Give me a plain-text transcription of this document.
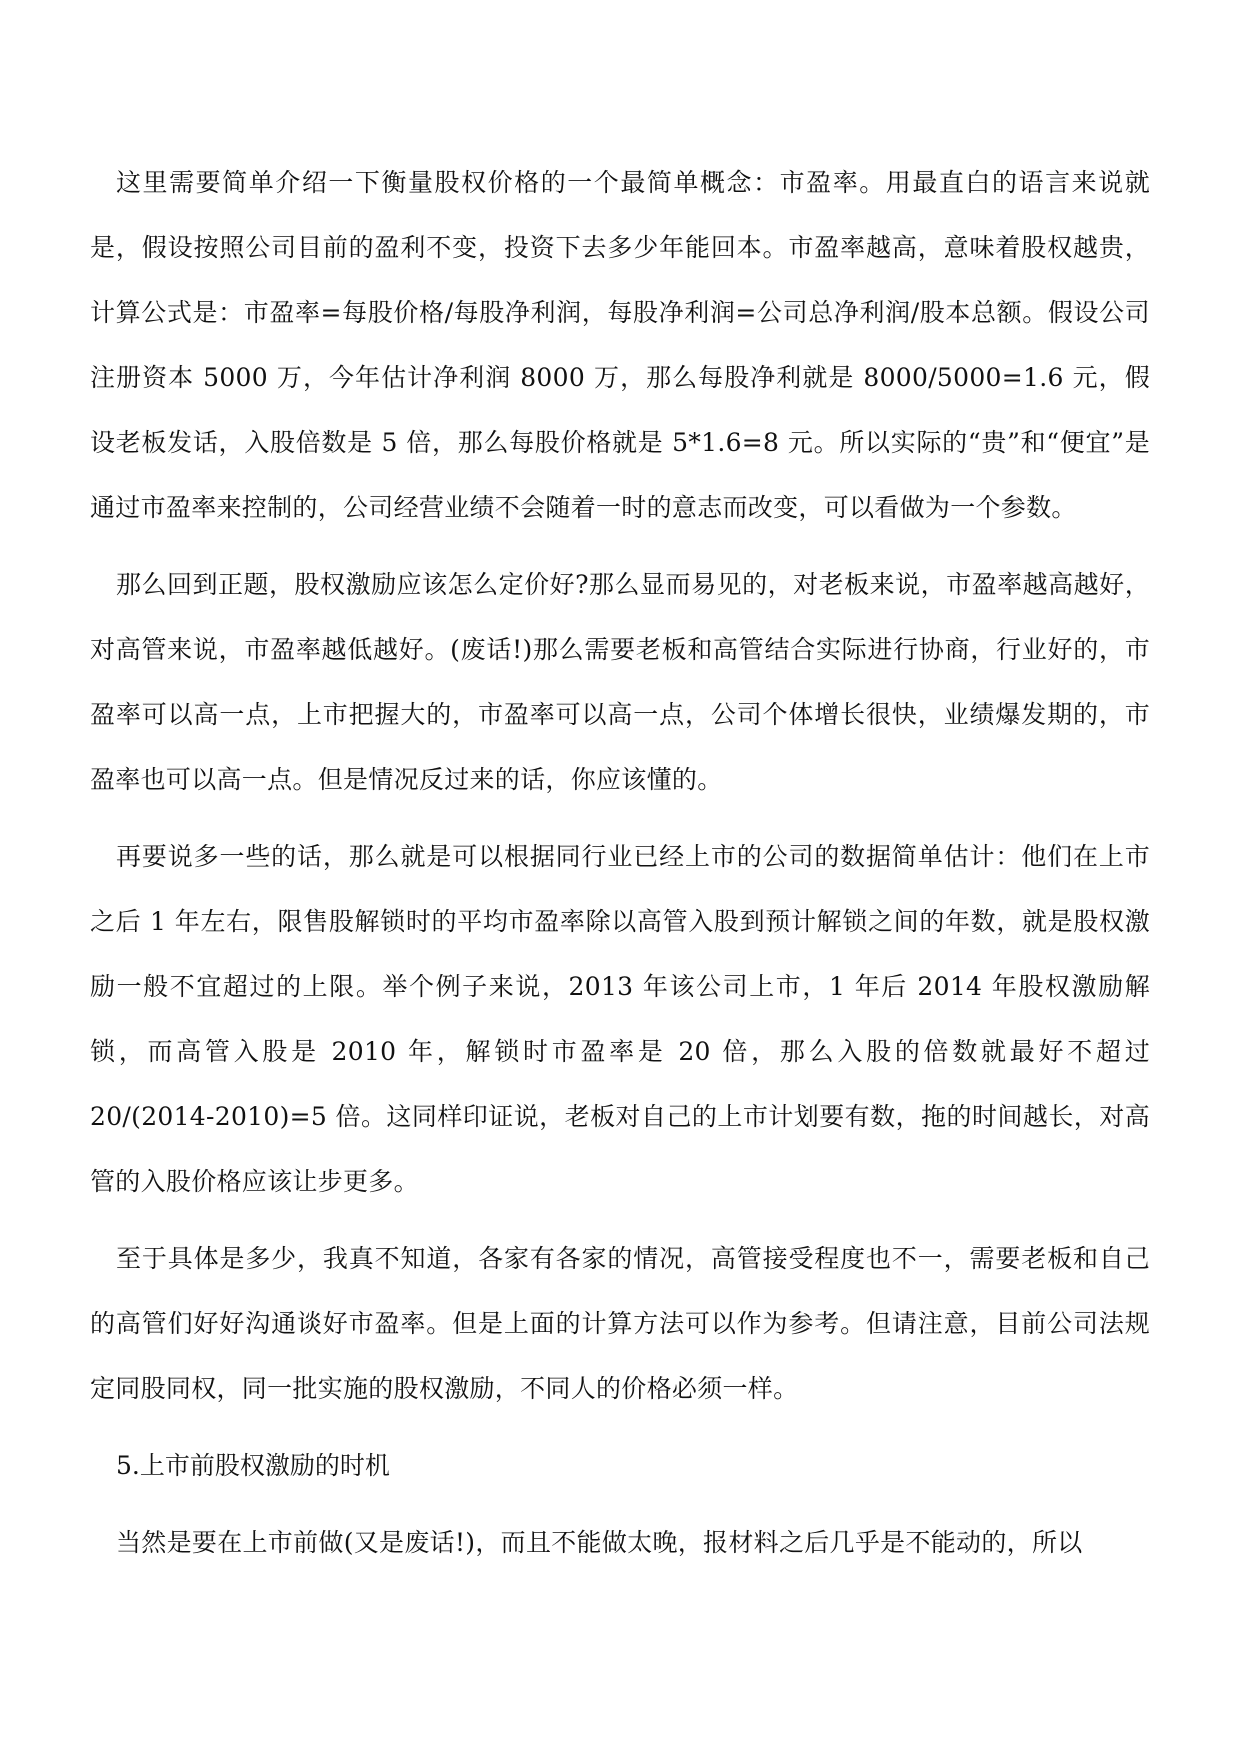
这里需要简单介绍一下衡量股权价格的一个最简单概念：市盈率。用最直白的语言来说就是，假设按照公司目前的盈利不变，投资下去多少年能回本。市盈率越高，意味着股权越贵，计算公式是：市盈率=每股价格/每股净利润，每股净利润=公司总净利润/股本总额。假设公司注册资本 5000 万，今年估计净利润 8000 万，那么每股净利就是 8000/5000=1.6 元，假设老板发话，入股倍数是 5 倍，那么每股价格就是 5*1.6=8 元。所以实际的“贵”和“便宜”是通过市盈率来控制的，公司经营业绩不会随着一时的意志而改变，可以看做为一个参数。

那么回到正题，股权激励应该怎么定价好?那么显而易见的，对老板来说，市盈率越高越好，对高管来说，市盈率越低越好。(废话!)那么需要老板和高管结合实际进行协商，行业好的，市盈率可以高一点，上市把握大的，市盈率可以高一点，公司个体增长很快，业绩爆发期的，市盈率也可以高一点。但是情况反过来的话，你应该懂的。

再要说多一些的话，那么就是可以根据同行业已经上市的公司的数据简单估计：他们在上市之后 1 年左右，限售股解锁时的平均市盈率除以高管入股到预计解锁之间的年数，就是股权激励一般不宜超过的上限。举个例子来说，2013 年该公司上市，1 年后 2014 年股权激励解锁，而高管入股是 2010 年，解锁时市盈率是 20 倍，那么入股的倍数就最好不超过 20/(2014-2010)=5 倍。这同样印证说，老板对自己的上市计划要有数，拖的时间越长，对高管的入股价格应该让步更多。

至于具体是多少，我真不知道，各家有各家的情况，高管接受程度也不一，需要老板和自己的高管们好好沟通谈好市盈率。但是上面的计算方法可以作为参考。但请注意，目前公司法规定同股同权，同一批实施的股权激励，不同人的价格必须一样。

5.上市前股权激励的时机

当然是要在上市前做(又是废话!)，而且不能做太晚，报材料之后几乎是不能动的，所以
